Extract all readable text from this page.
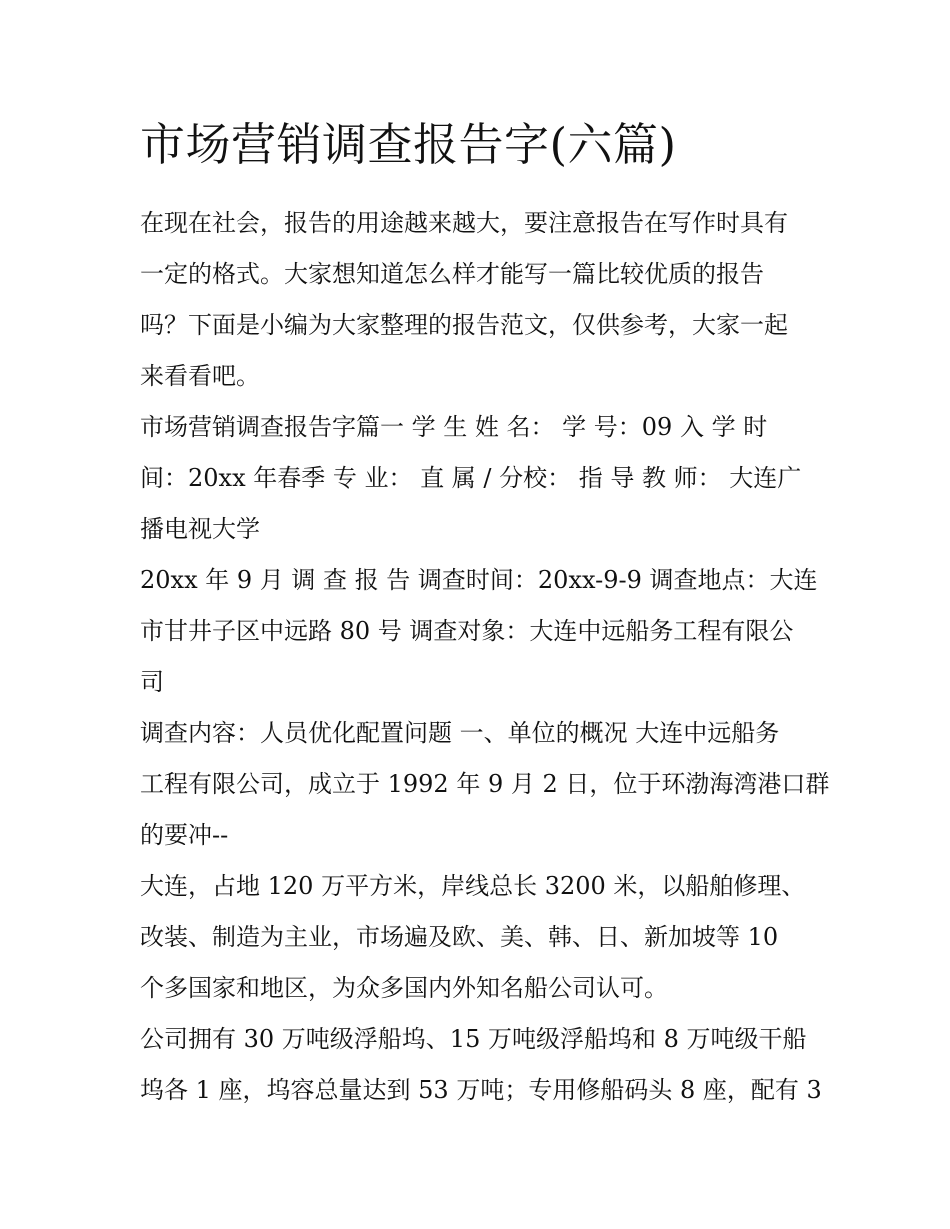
市场营销调查报告字(六篇)

在现在社会，报告的用途越来越大，要注意报告在写作时具有
一定的格式。大家想知道怎么样才能写一篇比较优质的报告
吗？下面是小编为大家整理的报告范文，仅供参考，大家一起
来看看吧。

市场营销调查报告字篇一 学 生 姓 名： 学 号：09 入 学 时
间：20xx 年春季 专 业： 直 属 / 分校： 指 导 教 师： 大连广
播电视大学

20xx 年 9 月 调 查 报 告 调查时间：20xx-9-9 调查地点：大连
市甘井子区中远路 80 号 调查对象：大连中远船务工程有限公
司

调查内容：人员优化配置问题 一、单位的概况 大连中远船务
工程有限公司，成立于 1992 年 9 月 2 日，位于环渤海湾港口群
的要冲--

大连，占地 120 万平方米，岸线总长 3200 米，以船舶修理、
改装、制造为主业，市场遍及欧、美、韩、日、新加坡等 10
个多国家和地区，为众多国内外知名船公司认可。

公司拥有 30 万吨级浮船坞、15 万吨级浮船坞和 8 万吨级干船
坞各 1 座，坞容总量达到 53 万吨；专用修船码头 8 座，配有 3
